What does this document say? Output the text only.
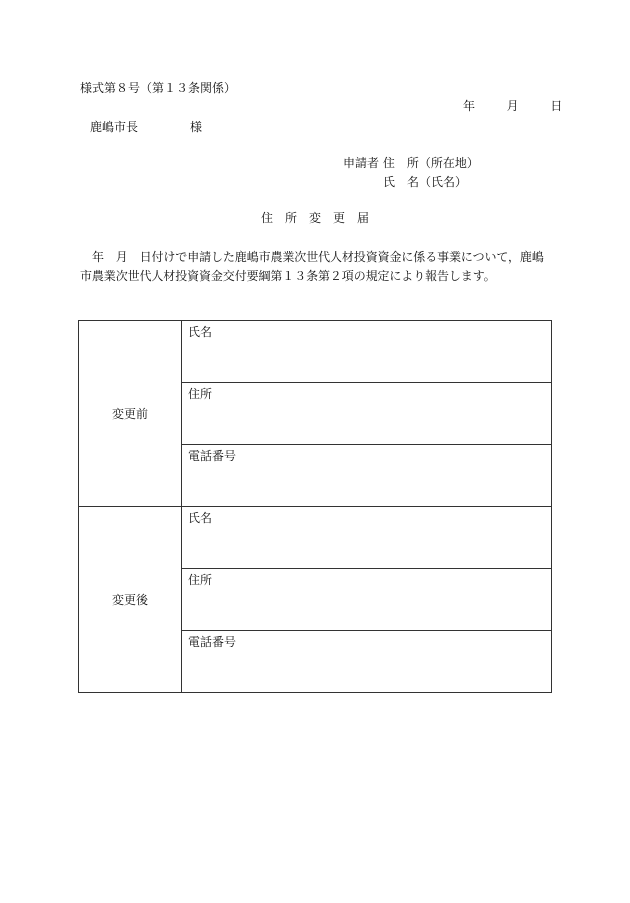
様式第８号（第１３条関係）
年	月	日
鹿嶋市長	様
申請者 住　所（所在地）
氏　名（氏名）
住　所　変　更　届
年　月　日付けで申請した鹿嶋市農業次世代人材投資資金に係る事業について，鹿嶋市農業次世代人材投資資金交付要綱第１３条第２項の規定により報告します。
変更前	氏名
	住所
	電話番号
変更後	氏名
	住所
	電話番号
